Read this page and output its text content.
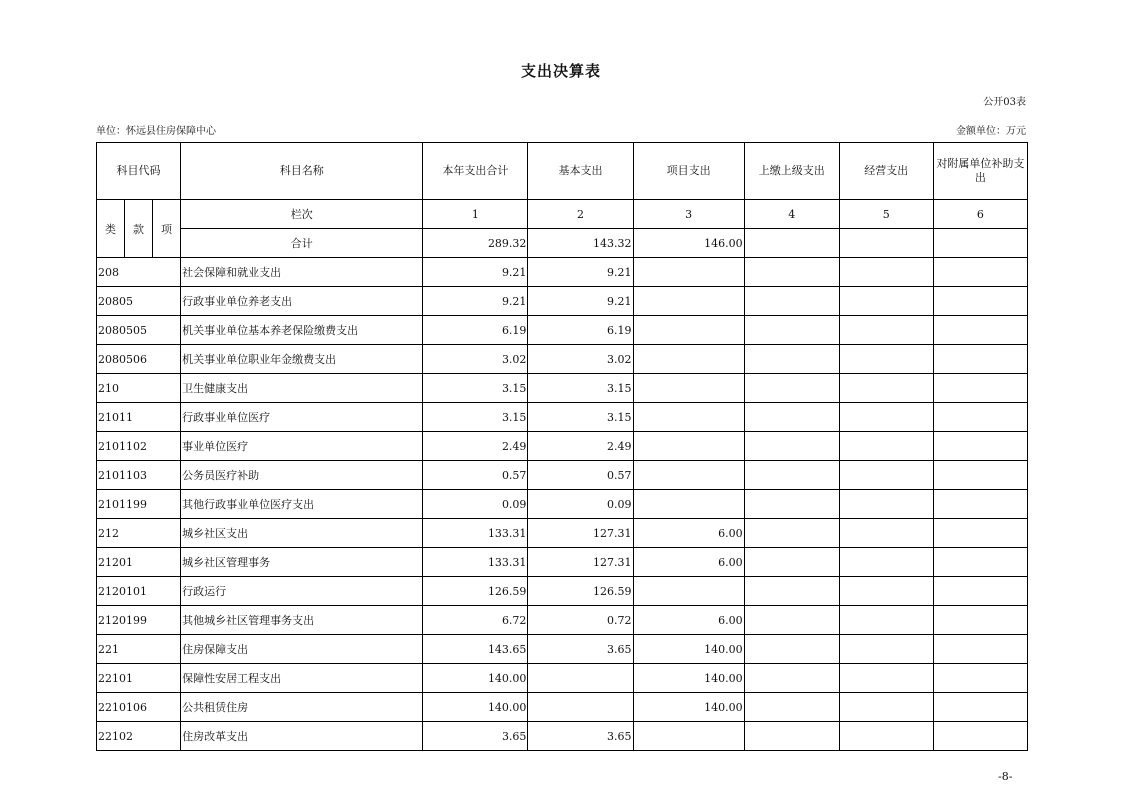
支出决算表
公开03表
单位：怀远县住房保障中心	金额单位：万元
科目代码			科目名称	本年支出合计	基本支出	项目支出	上缴上级支出	经营支出	对附属单位补助支出
类	款	项	栏次	1	2	3	4	5	6
			合计	289.32	143.32	146.00			
208			社会保障和就业支出	9.21	9.21				
20805			行政事业单位养老支出	9.21	9.21				
2080505			机关事业单位基本养老保险缴费支出	6.19	6.19				
2080506			机关事业单位职业年金缴费支出	3.02	3.02				
210			卫生健康支出	3.15	3.15				
21011			行政事业单位医疗	3.15	3.15				
2101102			事业单位医疗	2.49	2.49				
2101103			公务员医疗补助	0.57	0.57				
2101199			其他行政事业单位医疗支出	0.09	0.09				
212			城乡社区支出	133.31	127.31	6.00			
21201			城乡社区管理事务	133.31	127.31	6.00			
2120101			行政运行	126.59	126.59				
2120199			其他城乡社区管理事务支出	6.72	0.72	6.00			
221			住房保障支出	143.65	3.65	140.00			
22101			保障性安居工程支出	140.00		140.00			
2210106			公共租赁住房	140.00		140.00			
22102			住房改革支出	3.65	3.65				
-8-
